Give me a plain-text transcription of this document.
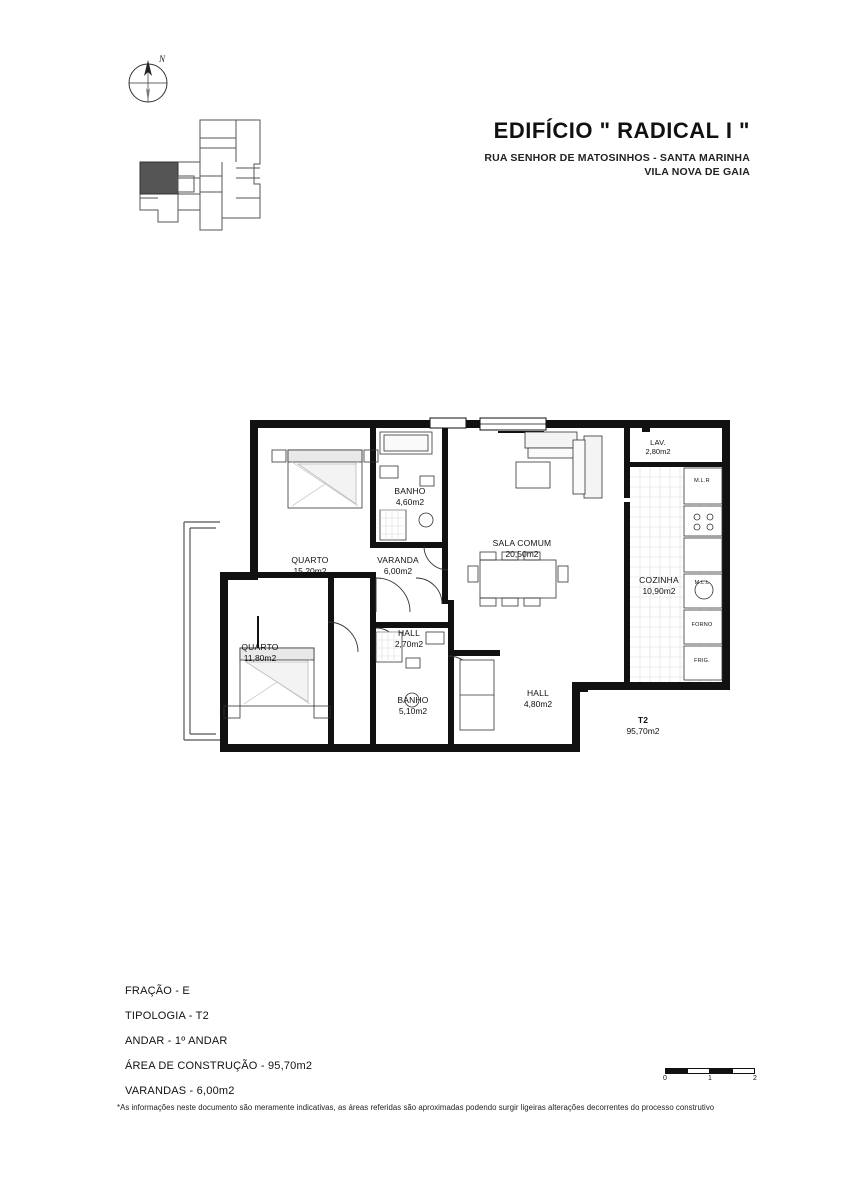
N
EDIFÍCIO " RADICAL I "
RUA SENHOR DE MATOSINHOS - SANTA MARINHA
VILA NOVA DE GAIA
VARANDA
6,00m2
QUARTO
15,20m2
BANHO
4,60m2
SALA COMUM
20,50m2
LAV.
2,80m2
COZINHA
10,90m2
QUARTO
11,80m2
HALL
2,70m2
BANHO
5,10m2
HALL
4,80m2
T2
95,70m2
M.L.R
M.L.L
FORNO
FRIG.
FRAÇÃO - E
TIPOLOGIA - T2
ANDAR - 1º ANDAR
ÁREA DE CONSTRUÇÃO - 95,70m2
VARANDAS - 6,00m2
0	1	2
*As informações neste documento são meramente indicativas, as áreas referidas são aproximadas podendo surgir ligeiras alterações decorrentes do processo construtivo
